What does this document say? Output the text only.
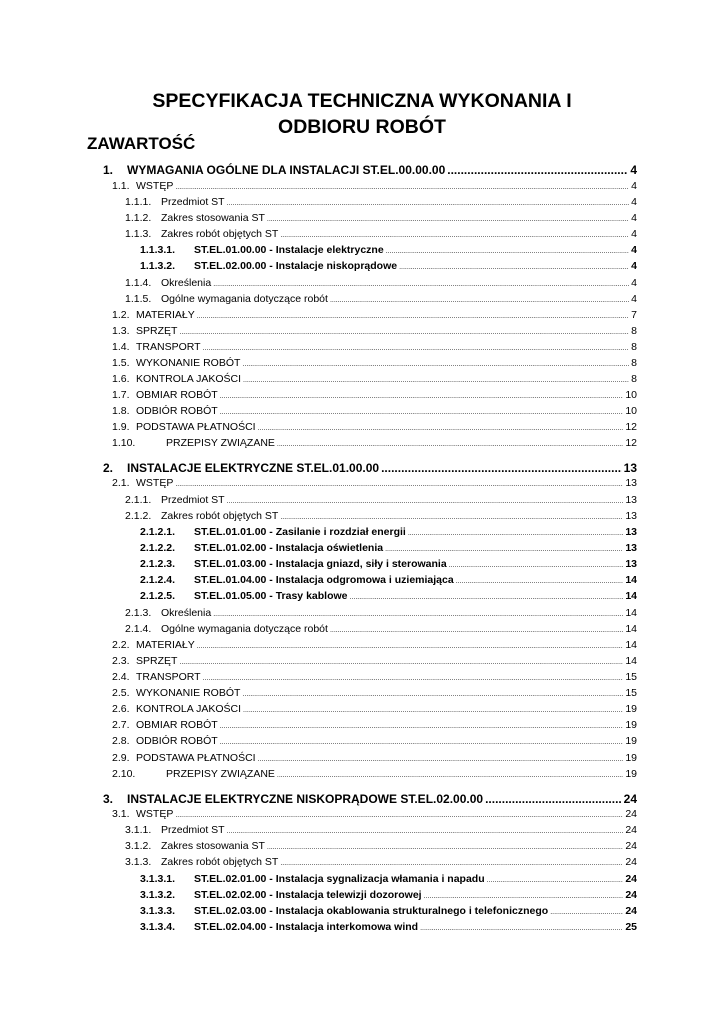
SPECYFIKACJA TECHNICZNA WYKONANIA I
ODBIORU ROBÓT
ZAWARTOŚĆ
1.	WYMAGANIA OGÓLNE DLA INSTALACJI ST.EL.00.00.00 .....	4
1.1. WSTĘP .....	4
1.1.1. Przedmiot ST .....	4
1.1.2. Zakres stosowania ST .....	4
1.1.3. Zakres robót objętych ST .....	4
1.1.3.1.	ST.EL.01.00.00 - Instalacje elektryczne .....	4
1.1.3.2.	ST.EL.02.00.00 - Instalacje niskoprądowe .....	4
1.1.4. Określenia .....	4
1.1.5. Ogólne wymagania dotyczące robót .....	4
1.2. MATERIAŁY .....	7
1.3. SPRZĘT .....	8
1.4. TRANSPORT .....	8
1.5. WYKONANIE ROBÓT .....	8
1.6. KONTROLA JAKOŚCI .....	8
1.7. OBMIAR ROBÓT .....	10
1.8. ODBIÓR ROBÓT .....	10
1.9. PODSTAWA PŁATNOŚCI .....	12
1.10.	PRZEPISY ZWIĄZANE .....	12
2.	INSTALACJE ELEKTRYCZNE ST.EL.01.00.00 .....	13
2.1. WSTĘP .....	13
2.1.1. Przedmiot ST .....	13
2.1.2. Zakres robót objętych ST .....	13
2.1.2.1.	ST.EL.01.01.00 - Zasilanie i rozdział energii .....	13
2.1.2.2.	ST.EL.01.02.00 - Instalacja oświetlenia .....	13
2.1.2.3.	ST.EL.01.03.00 - Instalacja gniazd, siły i sterowania .....	13
2.1.2.4.	ST.EL.01.04.00 - Instalacja odgromowa i uziemiająca .....	14
2.1.2.5.	ST.EL.01.05.00 - Trasy kablowe .....	14
2.1.3. Określenia .....	14
2.1.4. Ogólne wymagania dotyczące robót .....	14
2.2. MATERIAŁY .....	14
2.3. SPRZĘT .....	14
2.4. TRANSPORT .....	15
2.5. WYKONANIE ROBÓT .....	15
2.6. KONTROLA JAKOŚCI .....	19
2.7. OBMIAR ROBÓT .....	19
2.8. ODBIÓR ROBÓT .....	19
2.9. PODSTAWA PŁATNOŚCI .....	19
2.10.	PRZEPISY ZWIĄZANE .....	19
3.	INSTALACJE ELEKTRYCZNE NISKOPRĄDOWE ST.EL.02.00.00 .....	24
3.1. WSTĘP .....	24
3.1.1. Przedmiot ST .....	24
3.1.2. Zakres stosowania ST .....	24
3.1.3. Zakres robót objętych ST .....	24
3.1.3.1.	ST.EL.02.01.00 - Instalacja sygnalizacja włamania i napadu .....	24
3.1.3.2.	ST.EL.02.02.00 - Instalacja telewizji dozorowej .....	24
3.1.3.3.	ST.EL.02.03.00 - Instalacja okablowania strukturalnego i telefonicznego .....	24
3.1.3.4.	ST.EL.02.04.00 - Instalacja interkomowa wind .....	25
